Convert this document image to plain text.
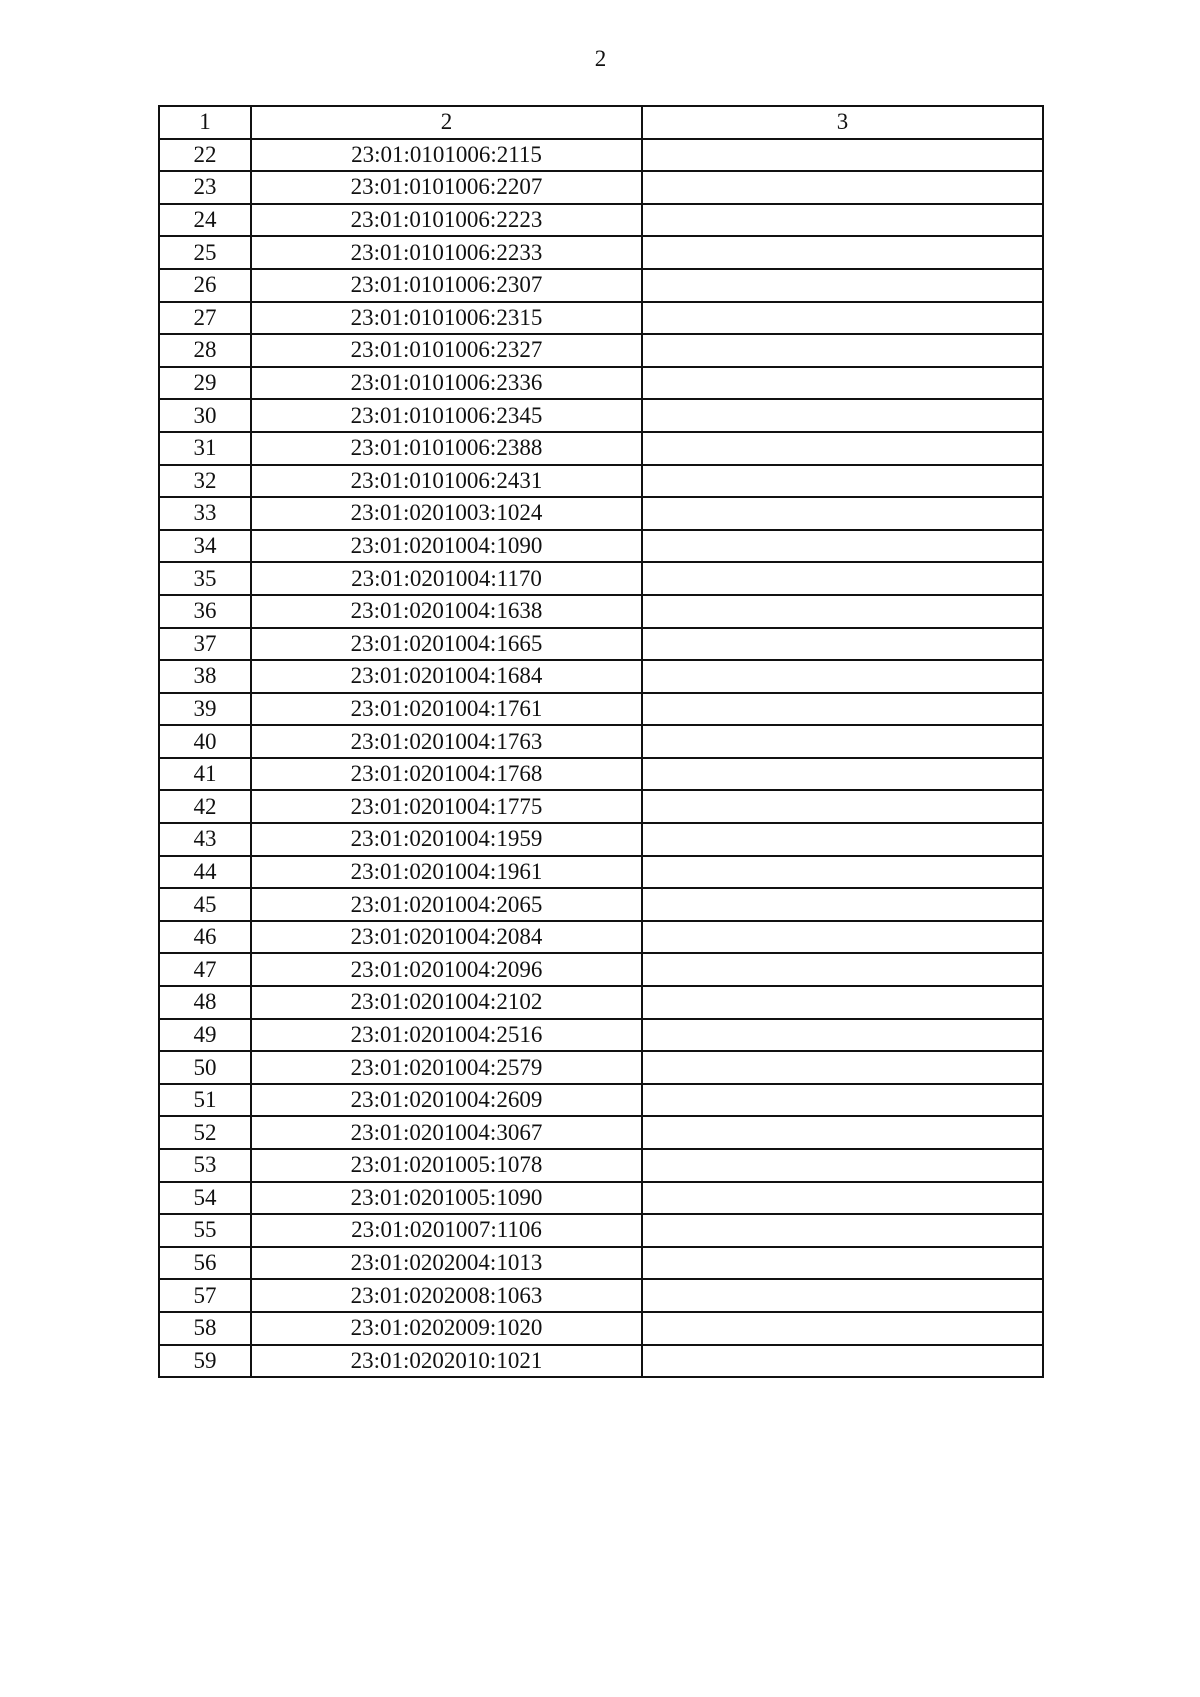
2
1	2	3
22	23:01:0101006:2115	
23	23:01:0101006:2207	
24	23:01:0101006:2223	
25	23:01:0101006:2233	
26	23:01:0101006:2307	
27	23:01:0101006:2315	
28	23:01:0101006:2327	
29	23:01:0101006:2336	
30	23:01:0101006:2345	
31	23:01:0101006:2388	
32	23:01:0101006:2431	
33	23:01:0201003:1024	
34	23:01:0201004:1090	
35	23:01:0201004:1170	
36	23:01:0201004:1638	
37	23:01:0201004:1665	
38	23:01:0201004:1684	
39	23:01:0201004:1761	
40	23:01:0201004:1763	
41	23:01:0201004:1768	
42	23:01:0201004:1775	
43	23:01:0201004:1959	
44	23:01:0201004:1961	
45	23:01:0201004:2065	
46	23:01:0201004:2084	
47	23:01:0201004:2096	
48	23:01:0201004:2102	
49	23:01:0201004:2516	
50	23:01:0201004:2579	
51	23:01:0201004:2609	
52	23:01:0201004:3067	
53	23:01:0201005:1078	
54	23:01:0201005:1090	
55	23:01:0201007:1106	
56	23:01:0202004:1013	
57	23:01:0202008:1063	
58	23:01:0202009:1020	
59	23:01:0202010:1021	
